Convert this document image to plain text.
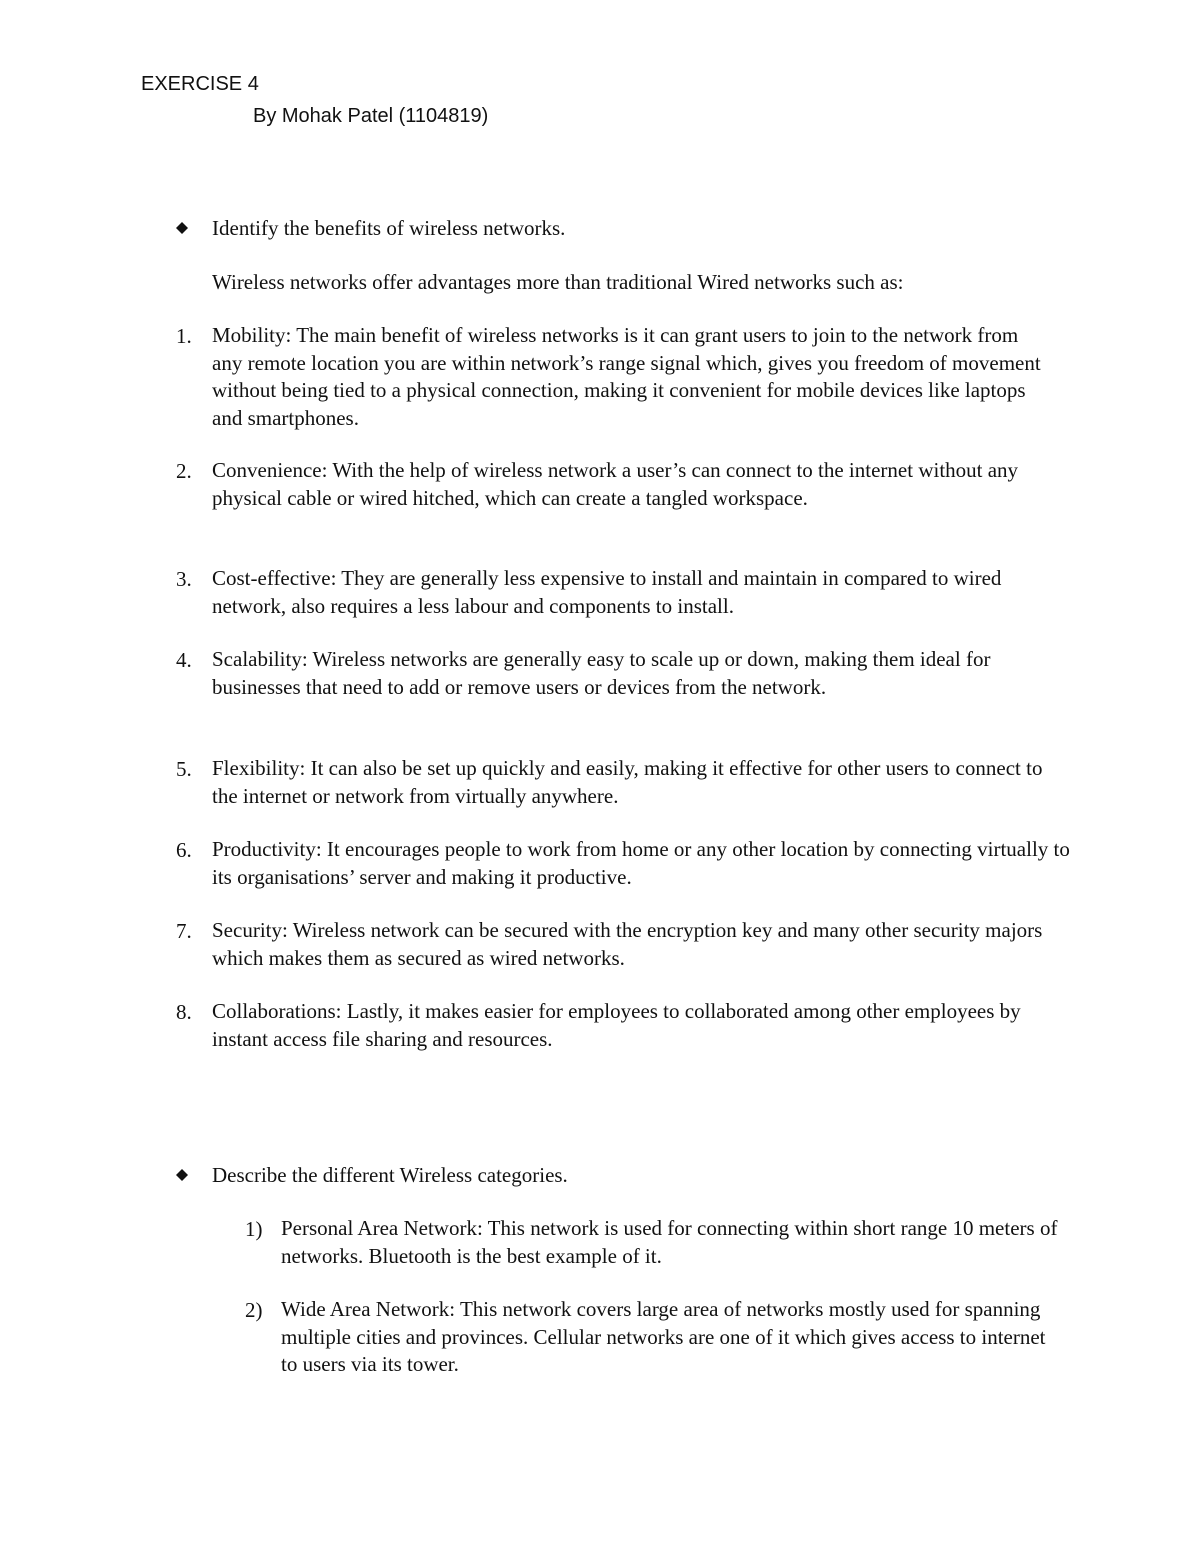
EXERCISE 4
By Mohak Patel (1104819)
Identify the benefits of wireless networks.
Wireless networks offer advantages more than traditional Wired networks such as:
1. Mobility: The main benefit of wireless networks is it can grant users to join to the network from any remote location you are within network’s range signal which, gives you freedom of movement without being tied to a physical connection, making it convenient for mobile devices like laptops and smartphones.
2. Convenience: With the help of wireless network a user’s can connect to the internet without any physical cable or wired hitched, which can create a tangled workspace.
3. Cost-effective: They are generally less expensive to install and maintain in compared to wired network, also requires a less labour and components to install.
4. Scalability: Wireless networks are generally easy to scale up or down, making them ideal for businesses that need to add or remove users or devices from the network.
5. Flexibility: It can also be set up quickly and easily, making it effective for other users to connect to the internet or network from virtually anywhere.
6. Productivity: It encourages people to work from home or any other location by connecting virtually to its organisations’ server and making it productive.
7. Security: Wireless network can be secured with the encryption key and many other security majors which makes them as secured as wired networks.
8. Collaborations: Lastly, it makes easier for employees to collaborated among other employees by instant access file sharing and resources.
Describe the different Wireless categories.
1) Personal Area Network: This network is used for connecting within short range 10 meters of networks. Bluetooth is the best example of it.
2) Wide Area Network: This network covers large area of networks mostly used for spanning multiple cities and provinces. Cellular networks are one of it which gives access to internet to users via its tower.
